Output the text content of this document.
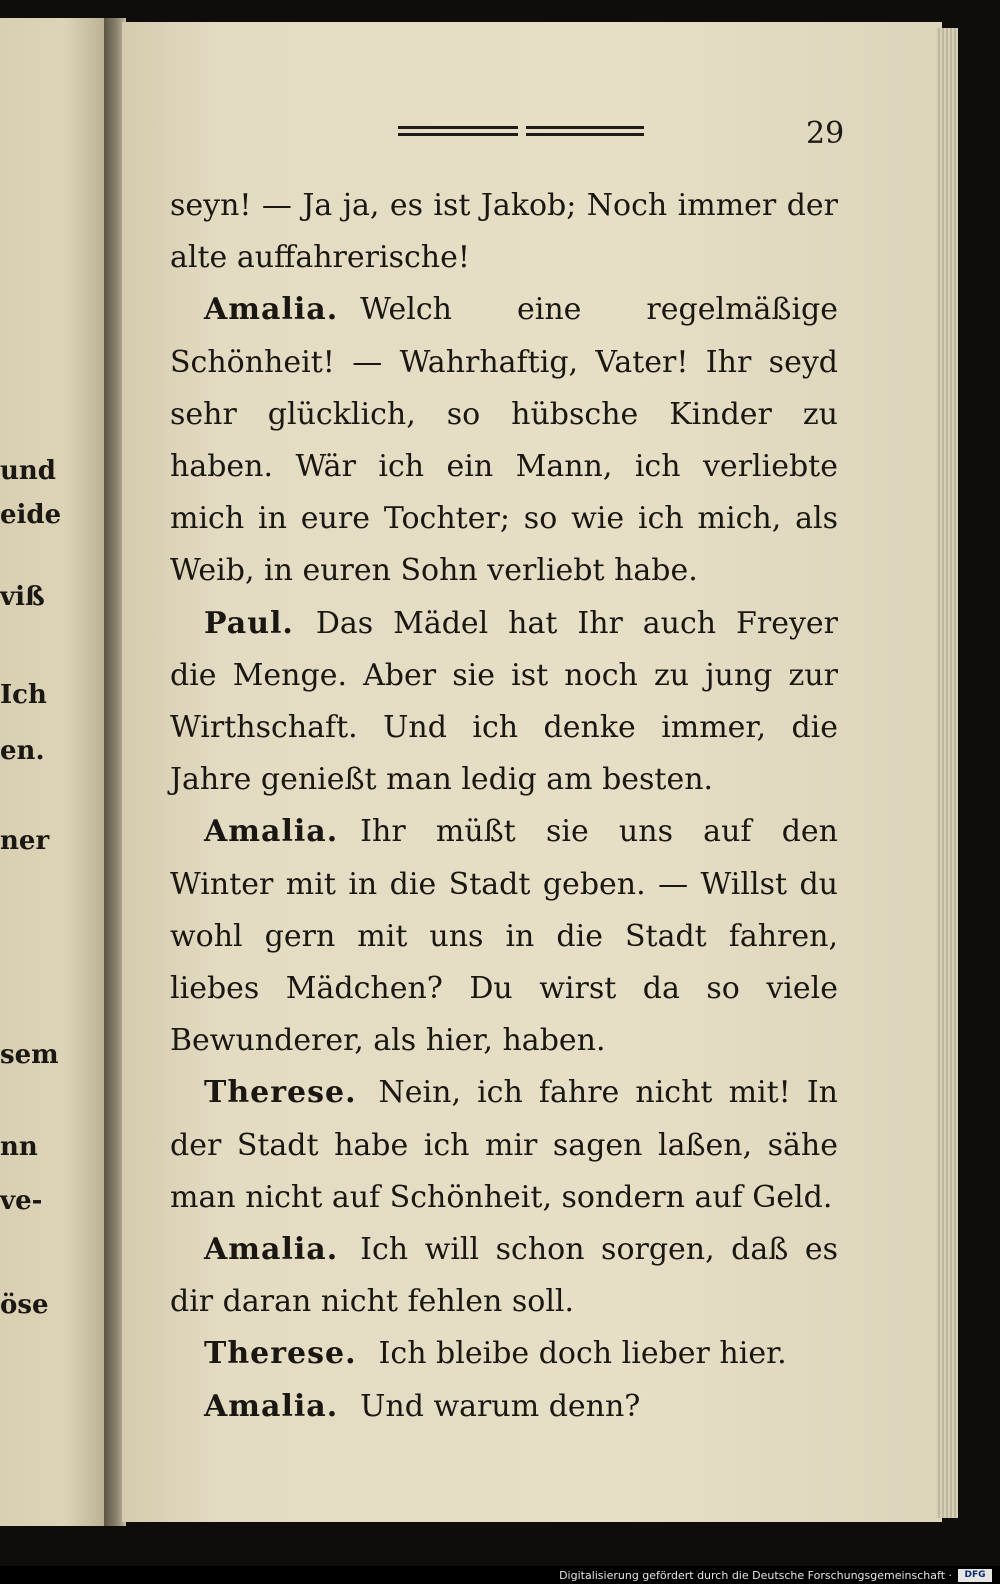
und
eide
viß
Ich
en.
ner
sem
nn
ve-
öse
29

seyn! — Ja ja, es ist Jakob; Noch immer der alte auffahrerische!

Amalia. Welch eine regelmäßige Schönheit! — Wahrhaftig, Vater! Ihr seyd sehr glücklich, so hübsche Kinder zu haben. Wär ich ein Mann, ich verliebte mich in eure Tochter; so wie ich mich, als Weib, in euren Sohn verliebt habe.

Paul. Das Mädel hat Ihr auch Freyer die Menge. Aber sie ist noch zu jung zur Wirthschaft. Und ich denke immer, die Jahre genießt man ledig am besten.

Amalia. Ihr müßt sie uns auf den Winter mit in die Stadt geben. — Willst du wohl gern mit uns in die Stadt fahren, liebes Mädchen? Du wirst da so viele Bewunderer, als hier, haben.

Therese. Nein, ich fahre nicht mit! In der Stadt habe ich mir sagen laßen, sähe man nicht auf Schönheit, sondern auf Geld.

Amalia. Ich will schon sorgen, daß es dir daran nicht fehlen soll.

Therese. Ich bleibe doch lieber hier.

Amalia. Und warum denn?

Digitalisierung gefördert durch die Deutsche Forschungsgemeinschaft ·	DFG
